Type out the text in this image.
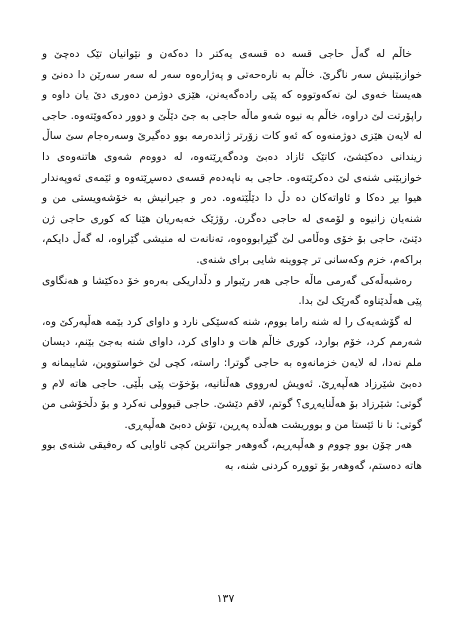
خاڵم لە گەڵ حاجی قسە دە قسەی یەکتر دا دەکەن و نێوانیان تێک دەچێ و خوازبێنیش سەر ناگرێ. خاڵم بە نارەحەتی و پەژارەوە سەر لە سەر سەرێن دا دەنێ و هەیستا خەوی لێ نەکەوتووە کە پێی رادەگەیەنن، هێزی دوژمن دەوری دێ یان داوە و راپۆرتت لێ دراوە، خاڵم بە نیوە شەو ماڵە حاجی بە جێ دێڵێ و دوور دەکەوێتەوە. حاجی لە لایەن هێزی دوژمنەوە کە ئەو کات زۆرتر ژاندەرمە بوو دەگیرێ وسەرەجام سێ ساڵ زیندانی دەکێشێ، کاتێک ئازاد دەبێ ودەگەڕێتەوە، لە دووەم شەوی هاتنەوەی دا خوازبێنی شنەی لێ دەکرێتەوە. حاجی بە ناپەدەم قسەی دەسڕێتەوە و ئێمەی ئەوپەندار هیوا بڕ دەکا و ئاواتەکان دە دڵ دا دێڵێتەوە. دەر و جیرانیش بە خۆشەویستی من و شنەیان زانیوە و لۆمەی لە حاجی دەگرن. رۆژێک خەبەریان هێنا کە کوری حاجی ژن دێنێ، حاجی بۆ خۆی وەڵامی لێ گێڕابووەوە، تەنانەت لە منیشی گێراوە، لە گەڵ دایکم، براکەم، خزم وکەسانی تر چووینە شایی برای شنەی.

رەشبەڵەکی گەرمی ماڵە حاجی هەر رێبوار و دڵداریکی بەرەو خۆ دەکێشا و هەنگاوی پێی هەڵدێناوە گەرێک لێ بدا.

لە گۆشەیەک را لە شنە راما بووم، شنە کەسێکی نارد و داوای کرد بێمە هەڵپەرکێ وە، شەرمم کرد، خۆم بوارد، کوری خاڵم هات و داوای کرد، داوای شنە بەجێ بێنم، دیسان ملم نەدا، لە لایەن خزمانەوە بە حاجی گوترا: راستە، کچی لێ خواستووین، شاییمانە و دەبێ شێرزاد هەڵپەڕێ. ئەویش لەرووی هەڵنانیە، بۆخۆت پێی بڵێی. حاجی هاتە لام و گوتی: شێرزاد بۆ هەڵنایەڕی؟ گوتم، لاقم دێشێ. حاجی قیوولی نەکرد و بۆ دڵخۆشی من گوتی: نا نا ئێستا من و بووریشت هەڵدە پەڕین، تۆش دەبێ هەڵپەڕی.

هەر چۆن بوو چووم و هەڵپەڕیم، گەوهەر جوانترین کچی ئاوایی کە رەفیقی شنەی بوو هاتە دەستم، گەوهەر بۆ تووڕە کردنی شنە، بە

١٣٧
